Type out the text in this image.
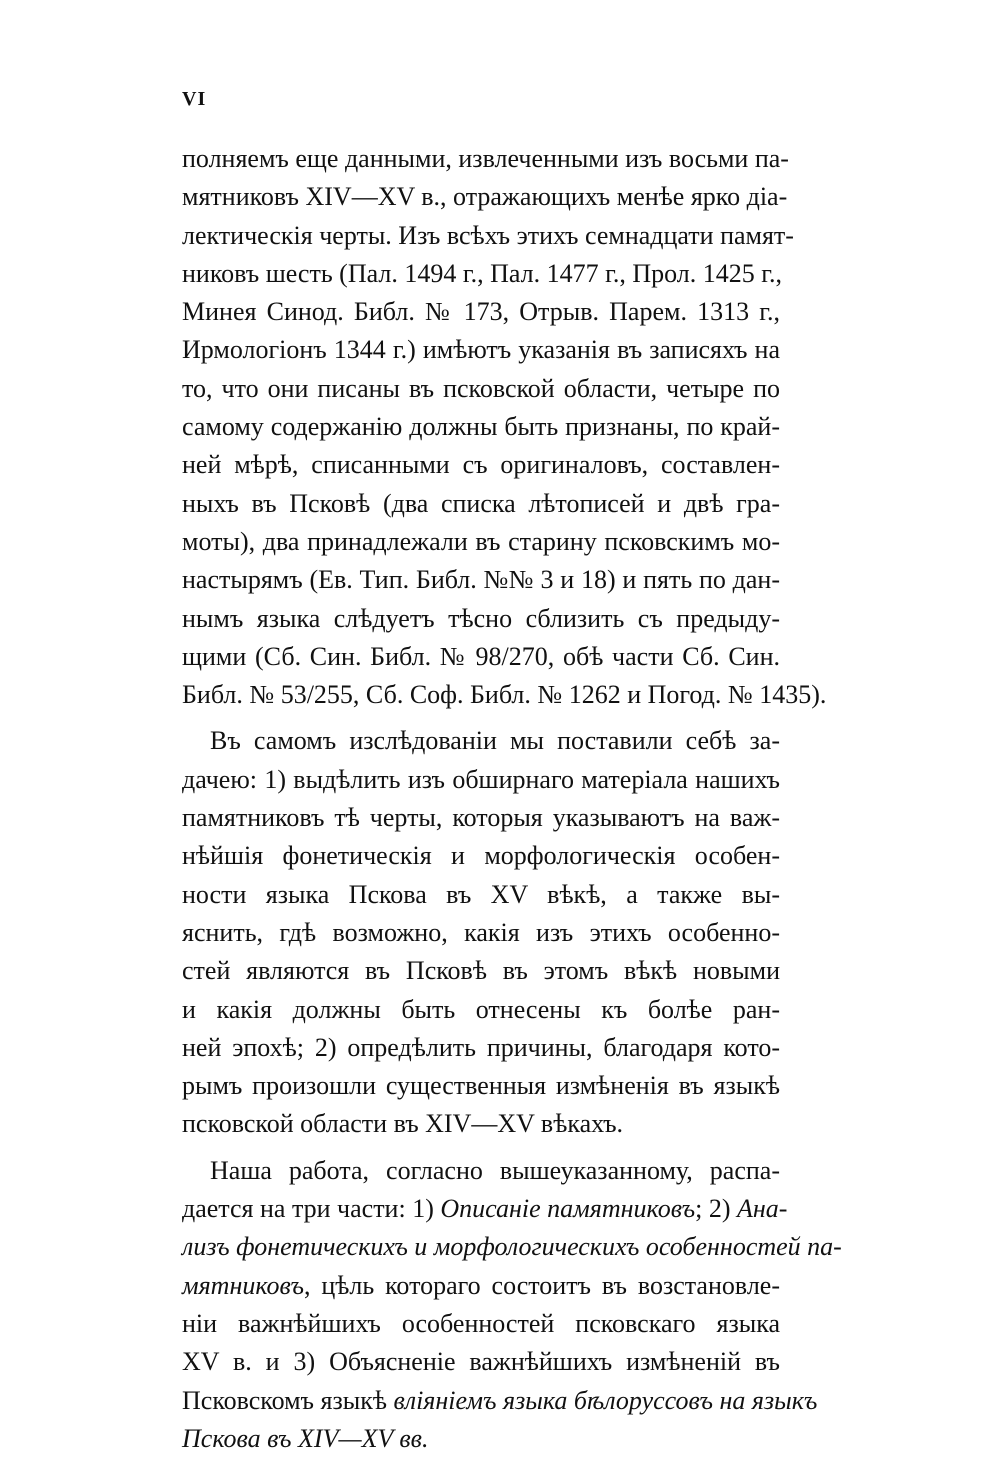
VI
полняемъ еще данными, извлеченными изъ восьми па-
мятниковъ XIV—XV в., отражающихъ менѣе ярко діа-
лектическія черты. Изъ всѣхъ этихъ семнадцати памят-
никовъ шесть (Пал. 1494 г., Пал. 1477 г., Прол. 1425 г.,
Минея Синод. Библ. № 173, Отрыв. Парем. 1313 г.,
Ирмологіонъ 1344 г.) имѣютъ указанія въ записяхъ на
то, что они писаны въ псковской области, четыре по
самому содержанію должны быть признаны, по край-
ней мѣрѣ, списанными съ оригиналовъ, составлен-
ныхъ въ Псковѣ (два списка лѣтописей и двѣ гра-
моты), два принадлежали въ старину псковскимъ мо-
настырямъ (Ев. Тип. Библ. №№ 3 и 18) и пять по дан-
нымъ языка слѣдуетъ тѣсно сблизить съ предыду-
щими (Сб. Син. Библ. № 98/270, обѣ части Сб. Син.
Библ. № 53/255, Сб. Соф. Библ. № 1262 и Погод. № 1435).
Въ самомъ изслѣдованіи мы поставили себѣ за-
дачею: 1) выдѣлить изъ обширнаго матеріала нашихъ
памятниковъ тѣ черты, которыя указываютъ на важ-
нѣйшія фонетическія и морфологическія особен-
ности языка Пскова въ XV вѣкѣ, а также вы-
яснить, гдѣ возможно, какія изъ этихъ особенно-
стей являются въ Псковѣ въ этомъ вѣкѣ новыми
и какія должны быть отнесены къ болѣе ран-
ней эпохѣ; 2) опредѣлить причины, благодаря кото-
рымъ произошли существенныя измѣненія въ языкѣ
псковской области въ XIV—XV вѣкахъ.
Наша работа, согласно вышеуказанному, распа-
дается на три части: 1) Описаніе памятниковъ; 2) Ана-
лизъ фонетическихъ и морфологическихъ особенностей па-
мятниковъ, цѣль котораго состоитъ въ возстановле-
ніи важнѣйшихъ особенностей псковскаго языка
XV в. и 3) Объясненіе важнѣйшихъ измѣненій въ
Псковскомъ языкѣ вліяніемъ языка бѣлоруссовъ на языкъ
Пскова въ XIV—XV вв.
